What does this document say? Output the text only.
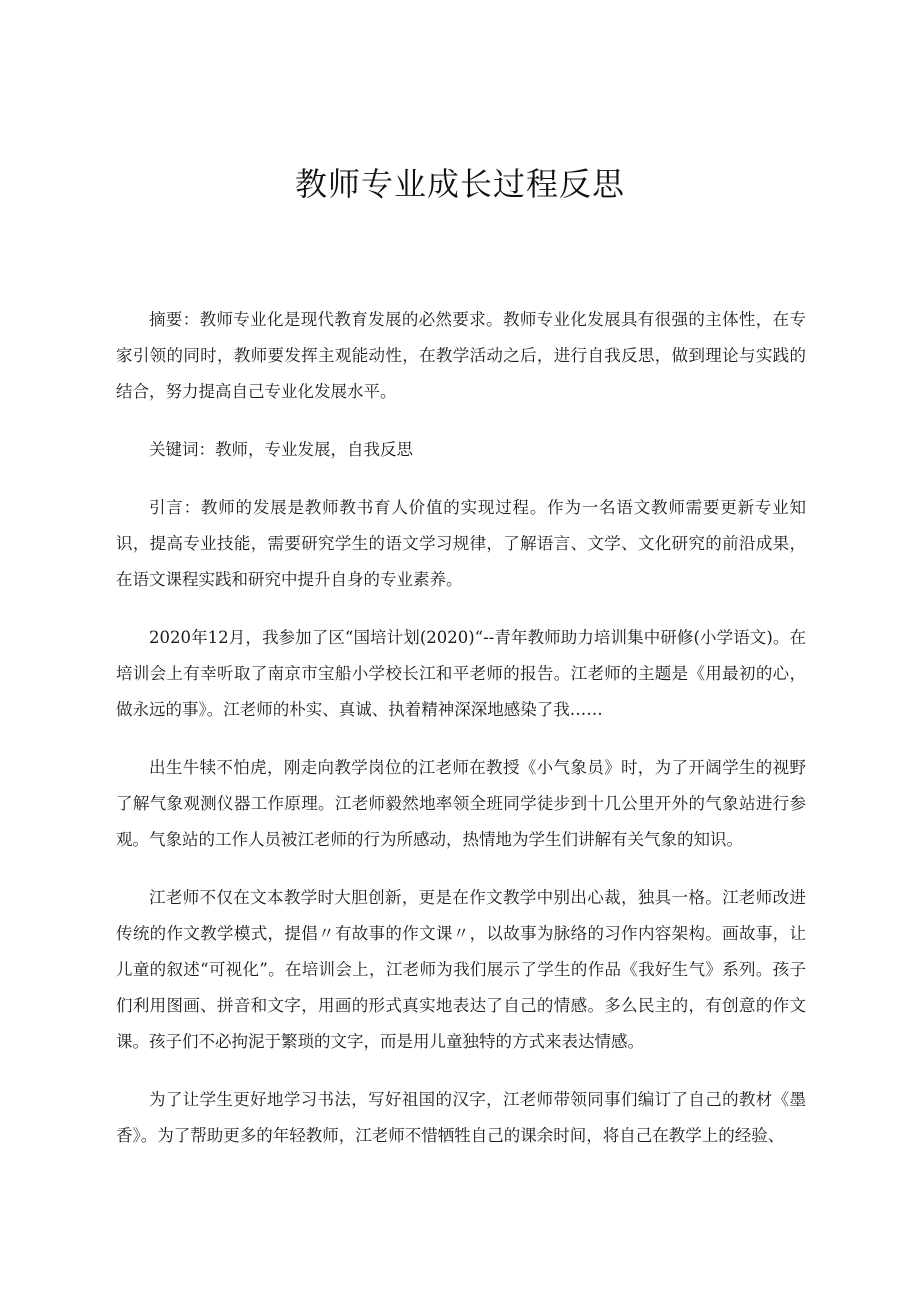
教师专业成长过程反思

摘要：教师专业化是现代教育发展的必然要求。教师专业化发展具有很强的主体性，在专家引领的同时，教师要发挥主观能动性，在教学活动之后，进行自我反思，做到理论与实践的结合，努力提高自己专业化发展水平。

关键词：教师，专业发展，自我反思

引言：教师的发展是教师教书育人价值的实现过程。作为一名语文教师需要更新专业知识，提高专业技能，需要研究学生的语文学习规律，了解语言、文学、文化研究的前沿成果，在语文课程实践和研究中提升自身的专业素养。

2020年12月，我参加了区“国培计划(2020)“--青年教师助力培训集中研修(小学语文)。在培训会上有幸听取了南京市宝船小学校长江和平老师的报告。江老师的主题是《用最初的心，做永远的事》。江老师的朴实、真诚、执着精神深深地感染了我……

出生牛犊不怕虎，刚走向教学岗位的江老师在教授《小气象员》时，为了开阔学生的视野了解气象观测仪器工作原理。江老师毅然地率领全班同学徒步到十几公里开外的气象站进行参观。气象站的工作人员被江老师的行为所感动，热情地为学生们讲解有关气象的知识。

江老师不仅在文本教学时大胆创新，更是在作文教学中别出心裁，独具一格。江老师改进传统的作文教学模式，提倡〃有故事的作文课〃，以故事为脉络的习作内容架构。画故事，让儿童的叙述“可视化”。在培训会上，江老师为我们展示了学生的作品《我好生气》系列。孩子们利用图画、拼音和文字，用画的形式真实地表达了自己的情感。多么民主的，有创意的作文课。孩子们不必拘泥于繁琐的文字，而是用儿童独特的方式来表达情感。

为了让学生更好地学习书法，写好祖国的汉字，江老师带领同事们编订了自己的教材《墨香》。为了帮助更多的年轻教师，江老师不惜牺牲自己的课余时间，将自己在教学上的经验、
